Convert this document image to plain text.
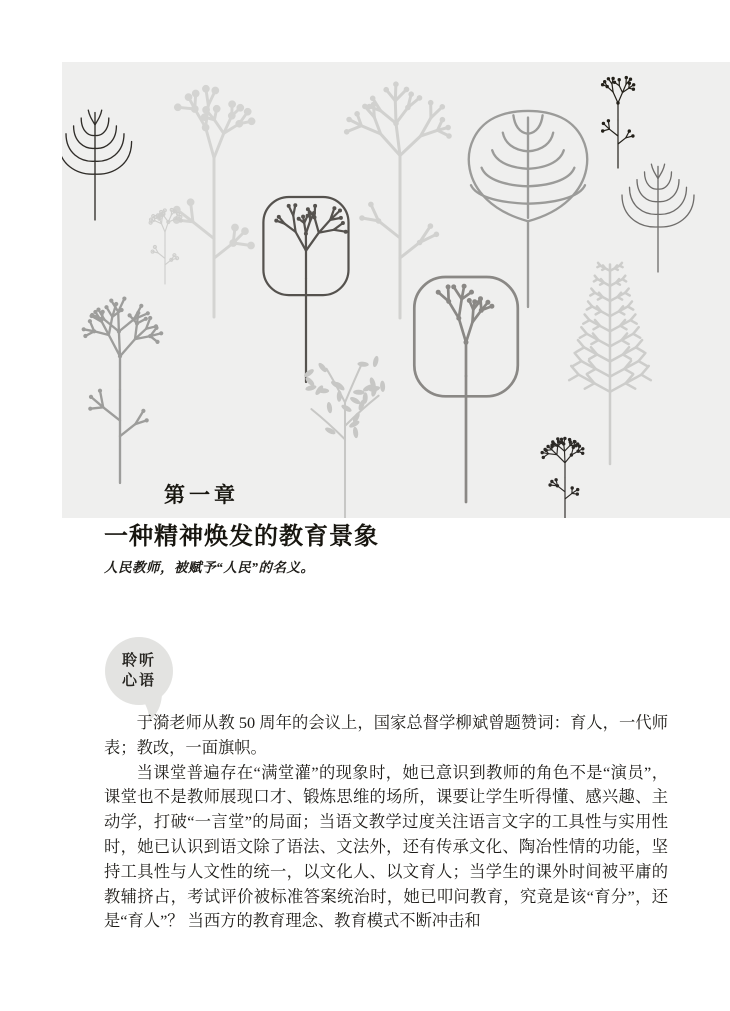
第一章
一种精神焕发的教育景象
人民教师，被赋予“人民”的名义。
聆听
心语

于漪老师从教 50 周年的会议上，国家总督学柳斌曾题赞词：育人，一代师表；教改，一面旗帜。

当课堂普遍存在“满堂灌”的现象时，她已意识到教师的角色不是“演员”，课堂也不是教师展现口才、锻炼思维的场所，课要让学生听得懂、感兴趣、主动学，打破“一言堂”的局面；当语文教学过度关注语言文字的工具性与实用性时，她已认识到语文除了语法、文法外，还有传承文化、陶冶性情的功能，坚持工具性与人文性的统一，以文化人、以文育人；当学生的课外时间被平庸的教辅挤占，考试评价被标准答案统治时，她已叩问教育，究竟是该“育分”，还是“育人”？ 当西方的教育理念、教育模式不断冲击和
